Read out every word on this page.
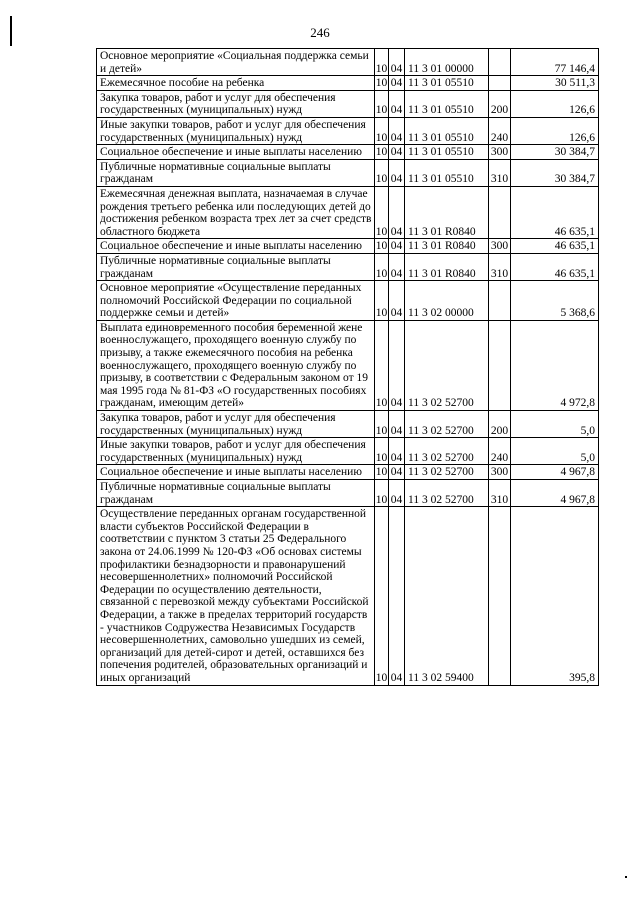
246
Основное мероприятие «Социальная поддержка семьи и детей»	10	04	11 3 01 00000		77 146,4
Ежемесячное пособие на ребенка	10	04	11 3 01 05510		30 511,3
Закупка товаров, работ и услуг для обеспечения государственных (муниципальных) нужд	10	04	11 3 01 05510	200	126,6
Иные закупки товаров, работ и услуг для обеспечения государственных (муниципальных) нужд	10	04	11 3 01 05510	240	126,6
Социальное обеспечение и иные выплаты населению	10	04	11 3 01 05510	300	30 384,7
Публичные нормативные социальные выплаты гражданам	10	04	11 3 01 05510	310	30 384,7
Ежемесячная денежная выплата, назначаемая в случае рождения третьего ребенка или последующих детей до достижения ребенком возраста трех лет за счет средств областного бюджета	10	04	11 3 01 R0840		46 635,1
Социальное обеспечение и иные выплаты населению	10	04	11 3 01 R0840	300	46 635,1
Публичные нормативные социальные выплаты гражданам	10	04	11 3 01 R0840	310	46 635,1
Основное мероприятие «Осуществление переданных полномочий Российской Федерации по социальной поддержке семьи и детей»	10	04	11 3 02 00000		5 368,6
Выплата единовременного пособия беременной жене военнослужащего, проходящего военную службу по призыву, а также ежемесячного пособия на ребенка военнослужащего, проходящего военную службу по призыву, в соответствии с Федеральным законом от 19 мая 1995 года № 81-ФЗ «О государственных пособиях гражданам, имеющим детей»	10	04	11 3 02 52700		4 972,8
Закупка товаров, работ и услуг для обеспечения государственных (муниципальных) нужд	10	04	11 3 02 52700	200	5,0
Иные закупки товаров, работ и услуг для обеспечения государственных (муниципальных) нужд	10	04	11 3 02 52700	240	5,0
Социальное обеспечение и иные выплаты населению	10	04	11 3 02 52700	300	4 967,8
Публичные нормативные социальные выплаты гражданам	10	04	11 3 02 52700	310	4 967,8
Осуществление переданных органам государственной власти субъектов Российской Федерации в соответствии с пунктом 3 статьи 25 Федерального закона от 24.06.1999 № 120-ФЗ «Об основах системы профилактики безнадзорности и правонарушений несовершеннолетних» полномочий Российской Федерации по осуществлению деятельности, связанной с перевозкой между субъектами Российской Федерации, а также в пределах территорий государств - участников Содружества Независимых Государств несовершеннолетних, самовольно ушедших из семей, организаций для детей-сирот и детей, оставшихся без попечения родителей, образовательных организаций и иных организаций	10	04	11 3 02 59400		395,8
